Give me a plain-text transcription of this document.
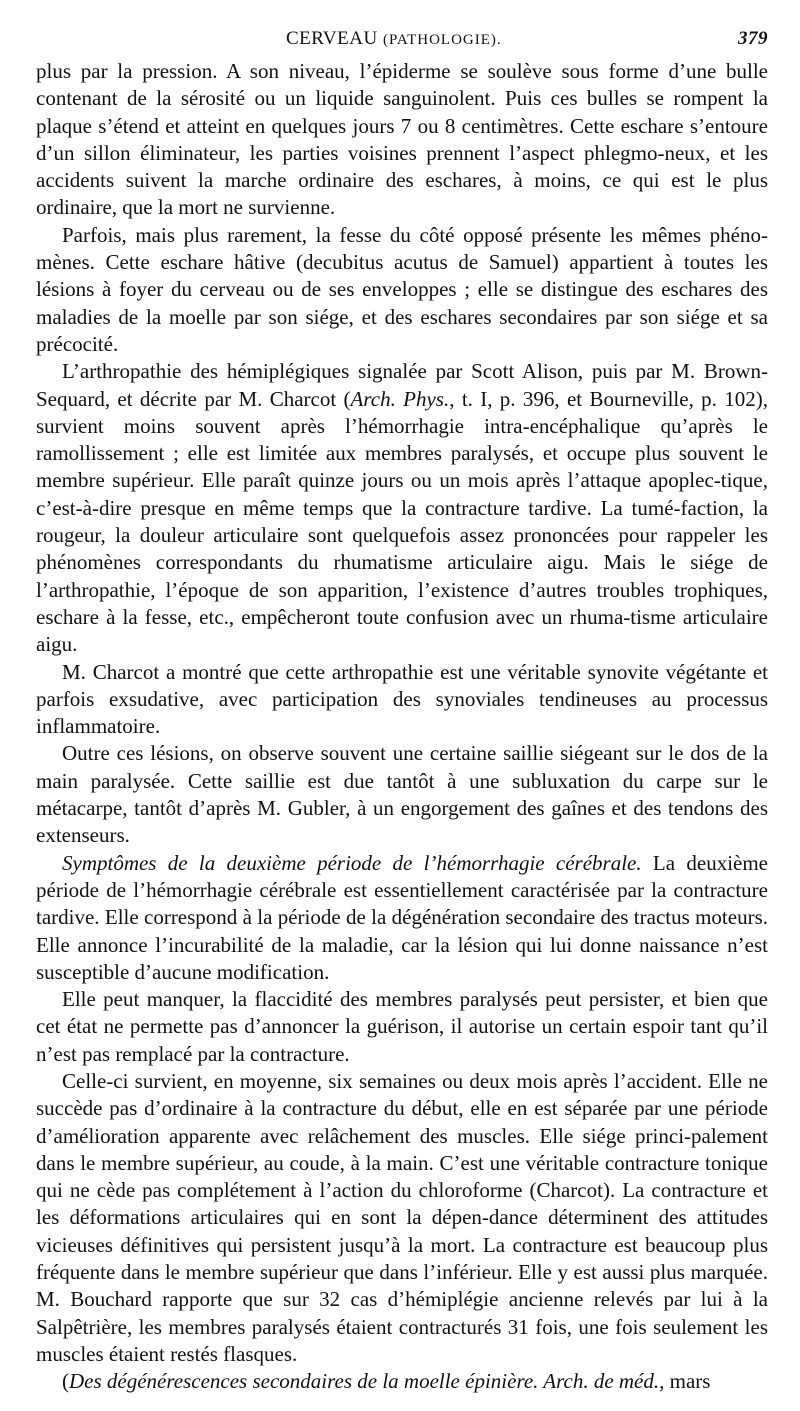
CERVEAU (PATHOLOGIE).	379

plus par la pression. A son niveau, l’épiderme se soulève sous forme d’une bulle contenant de la sérosité ou un liquide sanguinolent. Puis ces bulles se rompent la plaque s’étend et atteint en quelques jours 7 ou 8 centimètres. Cette eschare s’entoure d’un sillon éliminateur, les parties voisines prennent l’aspect phlegmo-neux, et les accidents suivent la marche ordinaire des eschares, à moins, ce qui est le plus ordinaire, que la mort ne survienne.

Parfois, mais plus rarement, la fesse du côté opposé présente les mêmes phéno-mènes. Cette eschare hâtive (decubitus acutus de Samuel) appartient à toutes les lésions à foyer du cerveau ou de ses enveloppes ; elle se distingue des eschares des maladies de la moelle par son siége, et des eschares secondaires par son siége et sa précocité.

L’arthropathie des hémiplégiques signalée par Scott Alison, puis par M. Brown-Sequard, et décrite par M. Charcot (Arch. Phys., t. I, p. 396, et Bourneville, p. 102), survient moins souvent après l’hémorrhagie intra-encéphalique qu’après le ramollissement ; elle est limitée aux membres paralysés, et occupe plus souvent le membre supérieur. Elle paraît quinze jours ou un mois après l’attaque apoplec-tique, c’est-à-dire presque en même temps que la contracture tardive. La tumé-faction, la rougeur, la douleur articulaire sont quelquefois assez prononcées pour rappeler les phénomènes correspondants du rhumatisme articulaire aigu. Mais le siége de l’arthropathie, l’époque de son apparition, l’existence d’autres troubles trophiques, eschare à la fesse, etc., empêcheront toute confusion avec un rhuma-tisme articulaire aigu.

M. Charcot a montré que cette arthropathie est une véritable synovite végétante et parfois exsudative, avec participation des synoviales tendineuses au processus inflammatoire.

Outre ces lésions, on observe souvent une certaine saillie siégeant sur le dos de la main paralysée. Cette saillie est due tantôt à une subluxation du carpe sur le métacarpe, tantôt d’après M. Gubler, à un engorgement des gaînes et des tendons des extenseurs.

Symptômes de la deuxième période de l’hémorrhagie cérébrale. La deuxième période de l’hémorrhagie cérébrale est essentiellement caractérisée par la contracture tardive. Elle correspond à la période de la dégénération secondaire des tractus moteurs. Elle annonce l’incurabilité de la maladie, car la lésion qui lui donne naissance n’est susceptible d’aucune modification.

Elle peut manquer, la flaccidité des membres paralysés peut persister, et bien que cet état ne permette pas d’annoncer la guérison, il autorise un certain espoir tant qu’il n’est pas remplacé par la contracture.

Celle-ci survient, en moyenne, six semaines ou deux mois après l’accident. Elle ne succède pas d’ordinaire à la contracture du début, elle en est séparée par une période d’amélioration apparente avec relâchement des muscles. Elle siége princi-palement dans le membre supérieur, au coude, à la main. C’est une véritable contracture tonique qui ne cède pas complétement à l’action du chloroforme (Charcot). La contracture et les déformations articulaires qui en sont la dépen-dance déterminent des attitudes vicieuses définitives qui persistent jusqu’à la mort. La contracture est beaucoup plus fréquente dans le membre supérieur que dans l’inférieur. Elle y est aussi plus marquée. M. Bouchard rapporte que sur 32 cas d’hémiplégie ancienne relevés par lui à la Salpêtrière, les membres paralysés étaient contracturés 31 fois, une fois seulement les muscles étaient restés flasques.

(Des dégénérescences secondaires de la moelle épinière. Arch. de méd., mars
